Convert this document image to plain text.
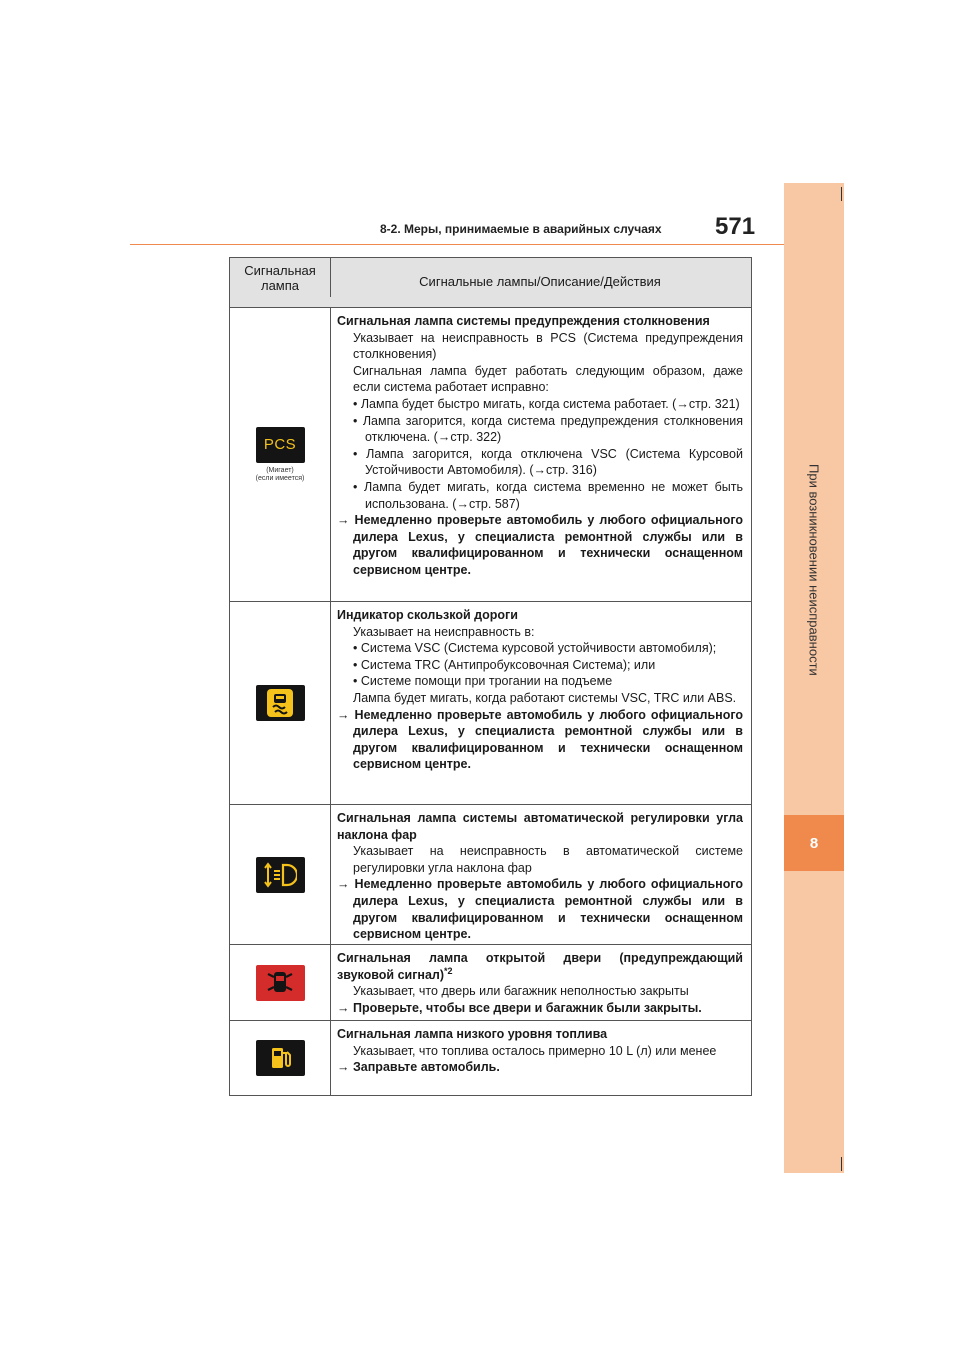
При возникновении неисправности
8
8-2. Меры, принимаемые в аварийных случаях 571
Сигнальная лампа	Сигнальные лампы/Описание/Действия
PCS
(Мигает)
(если имеется)
Сигнальная лампа системы предупреждения столкновения
Указывает на неисправность в PCS (Система предупреждения столкновения)
Сигнальная лампа будет работать следующим образом, даже если система работает исправно:
• Лампа будет быстро мигать, когда система работает. (→стр. 321)
• Лампа загорится, когда система предупреждения столкновения отключена. (→стр. 322)
• Лампа загорится, когда отключена VSC (Система Курсовой Устойчивости Автомобиля). (→стр. 316)
• Лампа будет мигать, когда система временно не может быть использована. (→стр. 587)
→ Немедленно проверьте автомобиль у любого официального дилера Lexus, у специалиста ремонтной службы или в другом квалифицированном и технически оснащенном сервисном центре.
Индикатор скользкой дороги
Указывает на неисправность в:
• Система VSC (Система курсовой устойчивости автомобиля);
• Система TRC (Антипробуксовочная Система); или
• Системе помощи при трогании на подъеме
Лампа будет мигать, когда работают системы VSC, TRC или ABS.
→ Немедленно проверьте автомобиль у любого официального дилера Lexus, у специалиста ремонтной службы или в другом квалифицированном и технически оснащенном сервисном центре.
Сигнальная лампа системы автоматической регулировки угла наклона фар
Указывает на неисправность в автоматической системе регулировки угла наклона фар
→ Немедленно проверьте автомобиль у любого официального дилера Lexus, у специалиста ремонтной службы или в другом квалифицированном и технически оснащенном сервисном центре.
Сигнальная лампа открытой двери (предупреждающий звуковой сигнал)$^{*2}$
Указывает, что дверь или багажник неполностью закрыты
→ Проверьте, чтобы все двери и багажник были закрыты.
Сигнальная лампа низкого уровня топлива
Указывает, что топлива осталось примерно 10 L (л) или менее
→ Заправьте автомобиль.
